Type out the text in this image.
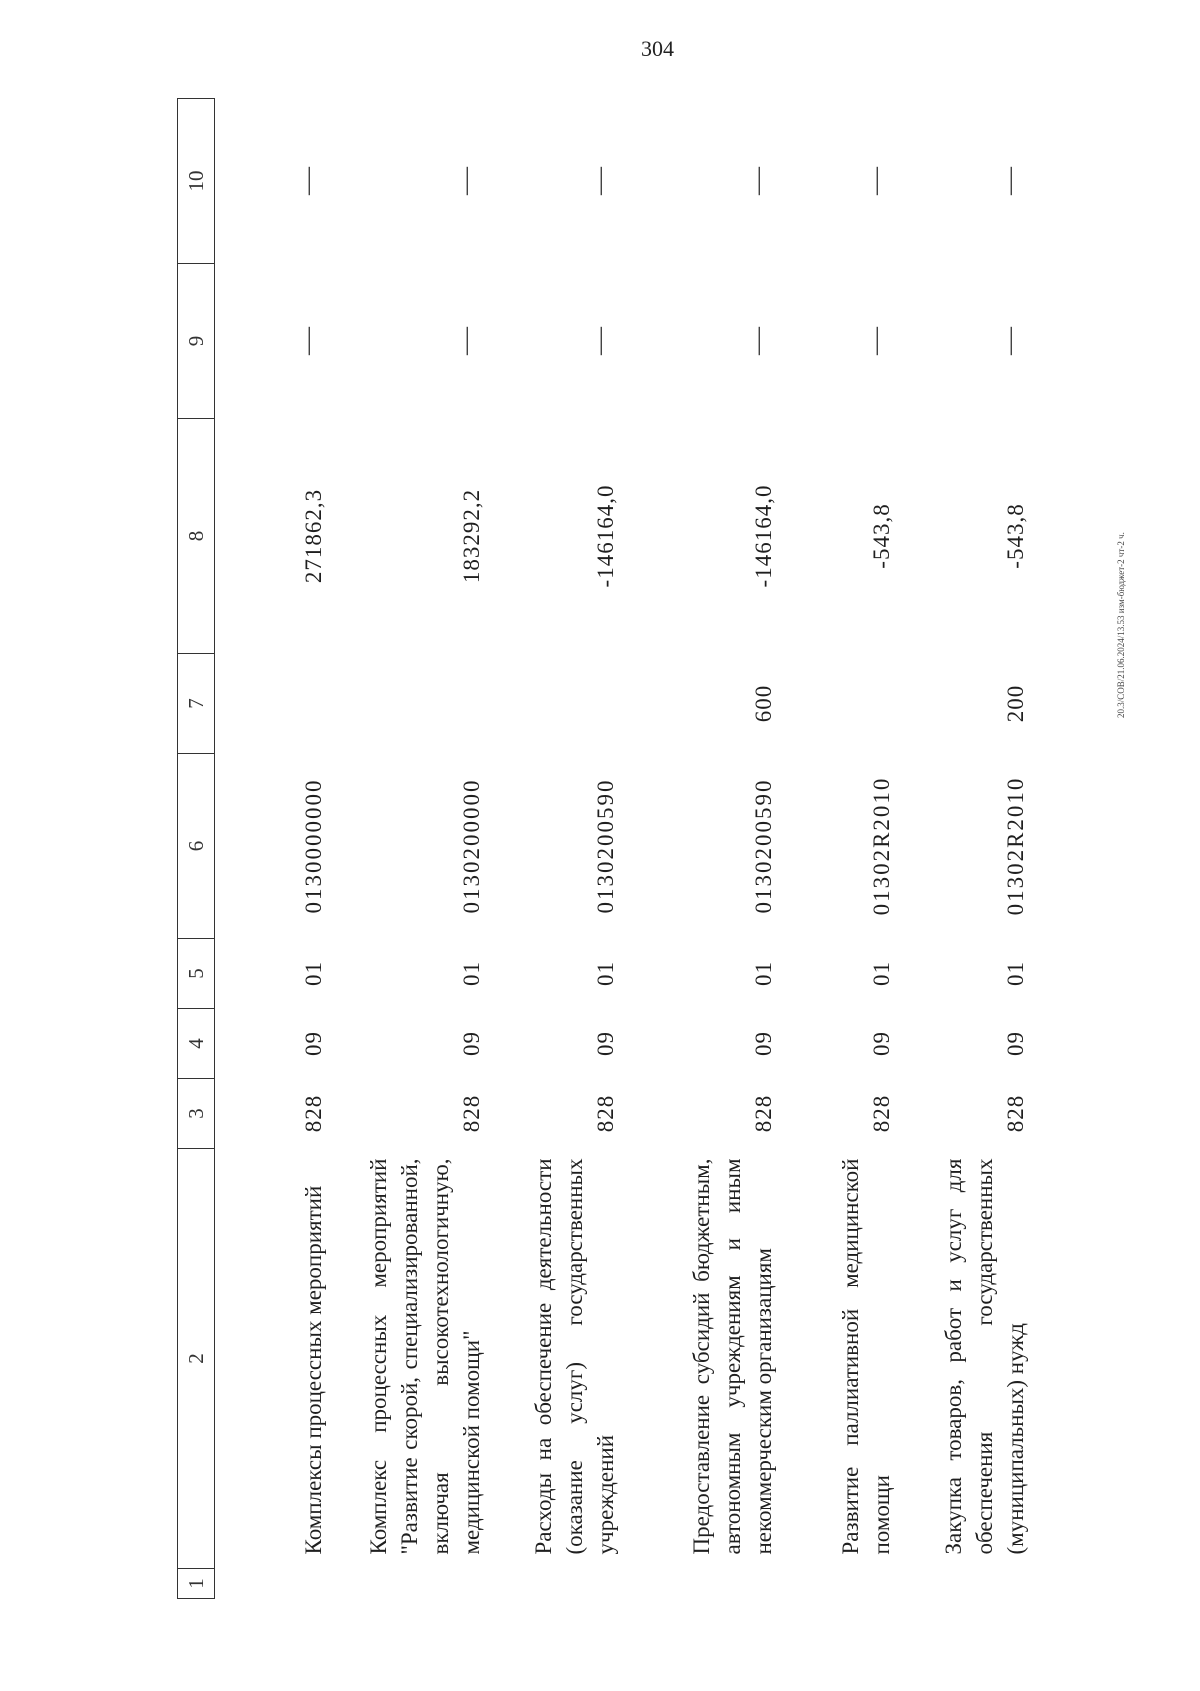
304
20.3/СОВ/21.06.2024/13.53 изм-бюджет-2 чт-2 ч.
1	2	3	4	5	6	7	8	9	10
	Комплексы процессных мероприятий	828	09	01	0130000000		271862,3	—	—
	Комплекс процессных мероприятий "Развитие скорой, специализированной, включая высокотехнологичную, медицинской помощи"	828	09	01	0130200000		183292,2	—	—
	Расходы на обеспечение деятельности (оказание услуг) государственных учреждений	828	09	01	0130200590		-146164,0	—	—
	Предоставление субсидий бюджетным, автономным учреждениям и иным некоммерческим организациям	828	09	01	0130200590	600	-146164,0	—	—
	Развитие паллиативной медицинской помощи	828	09	01	01302R2010		-543,8	—	—
	Закупка товаров, работ и услуг для обеспечения государственных (муниципальных) нужд	828	09	01	01302R2010	200	-543,8	—	—
